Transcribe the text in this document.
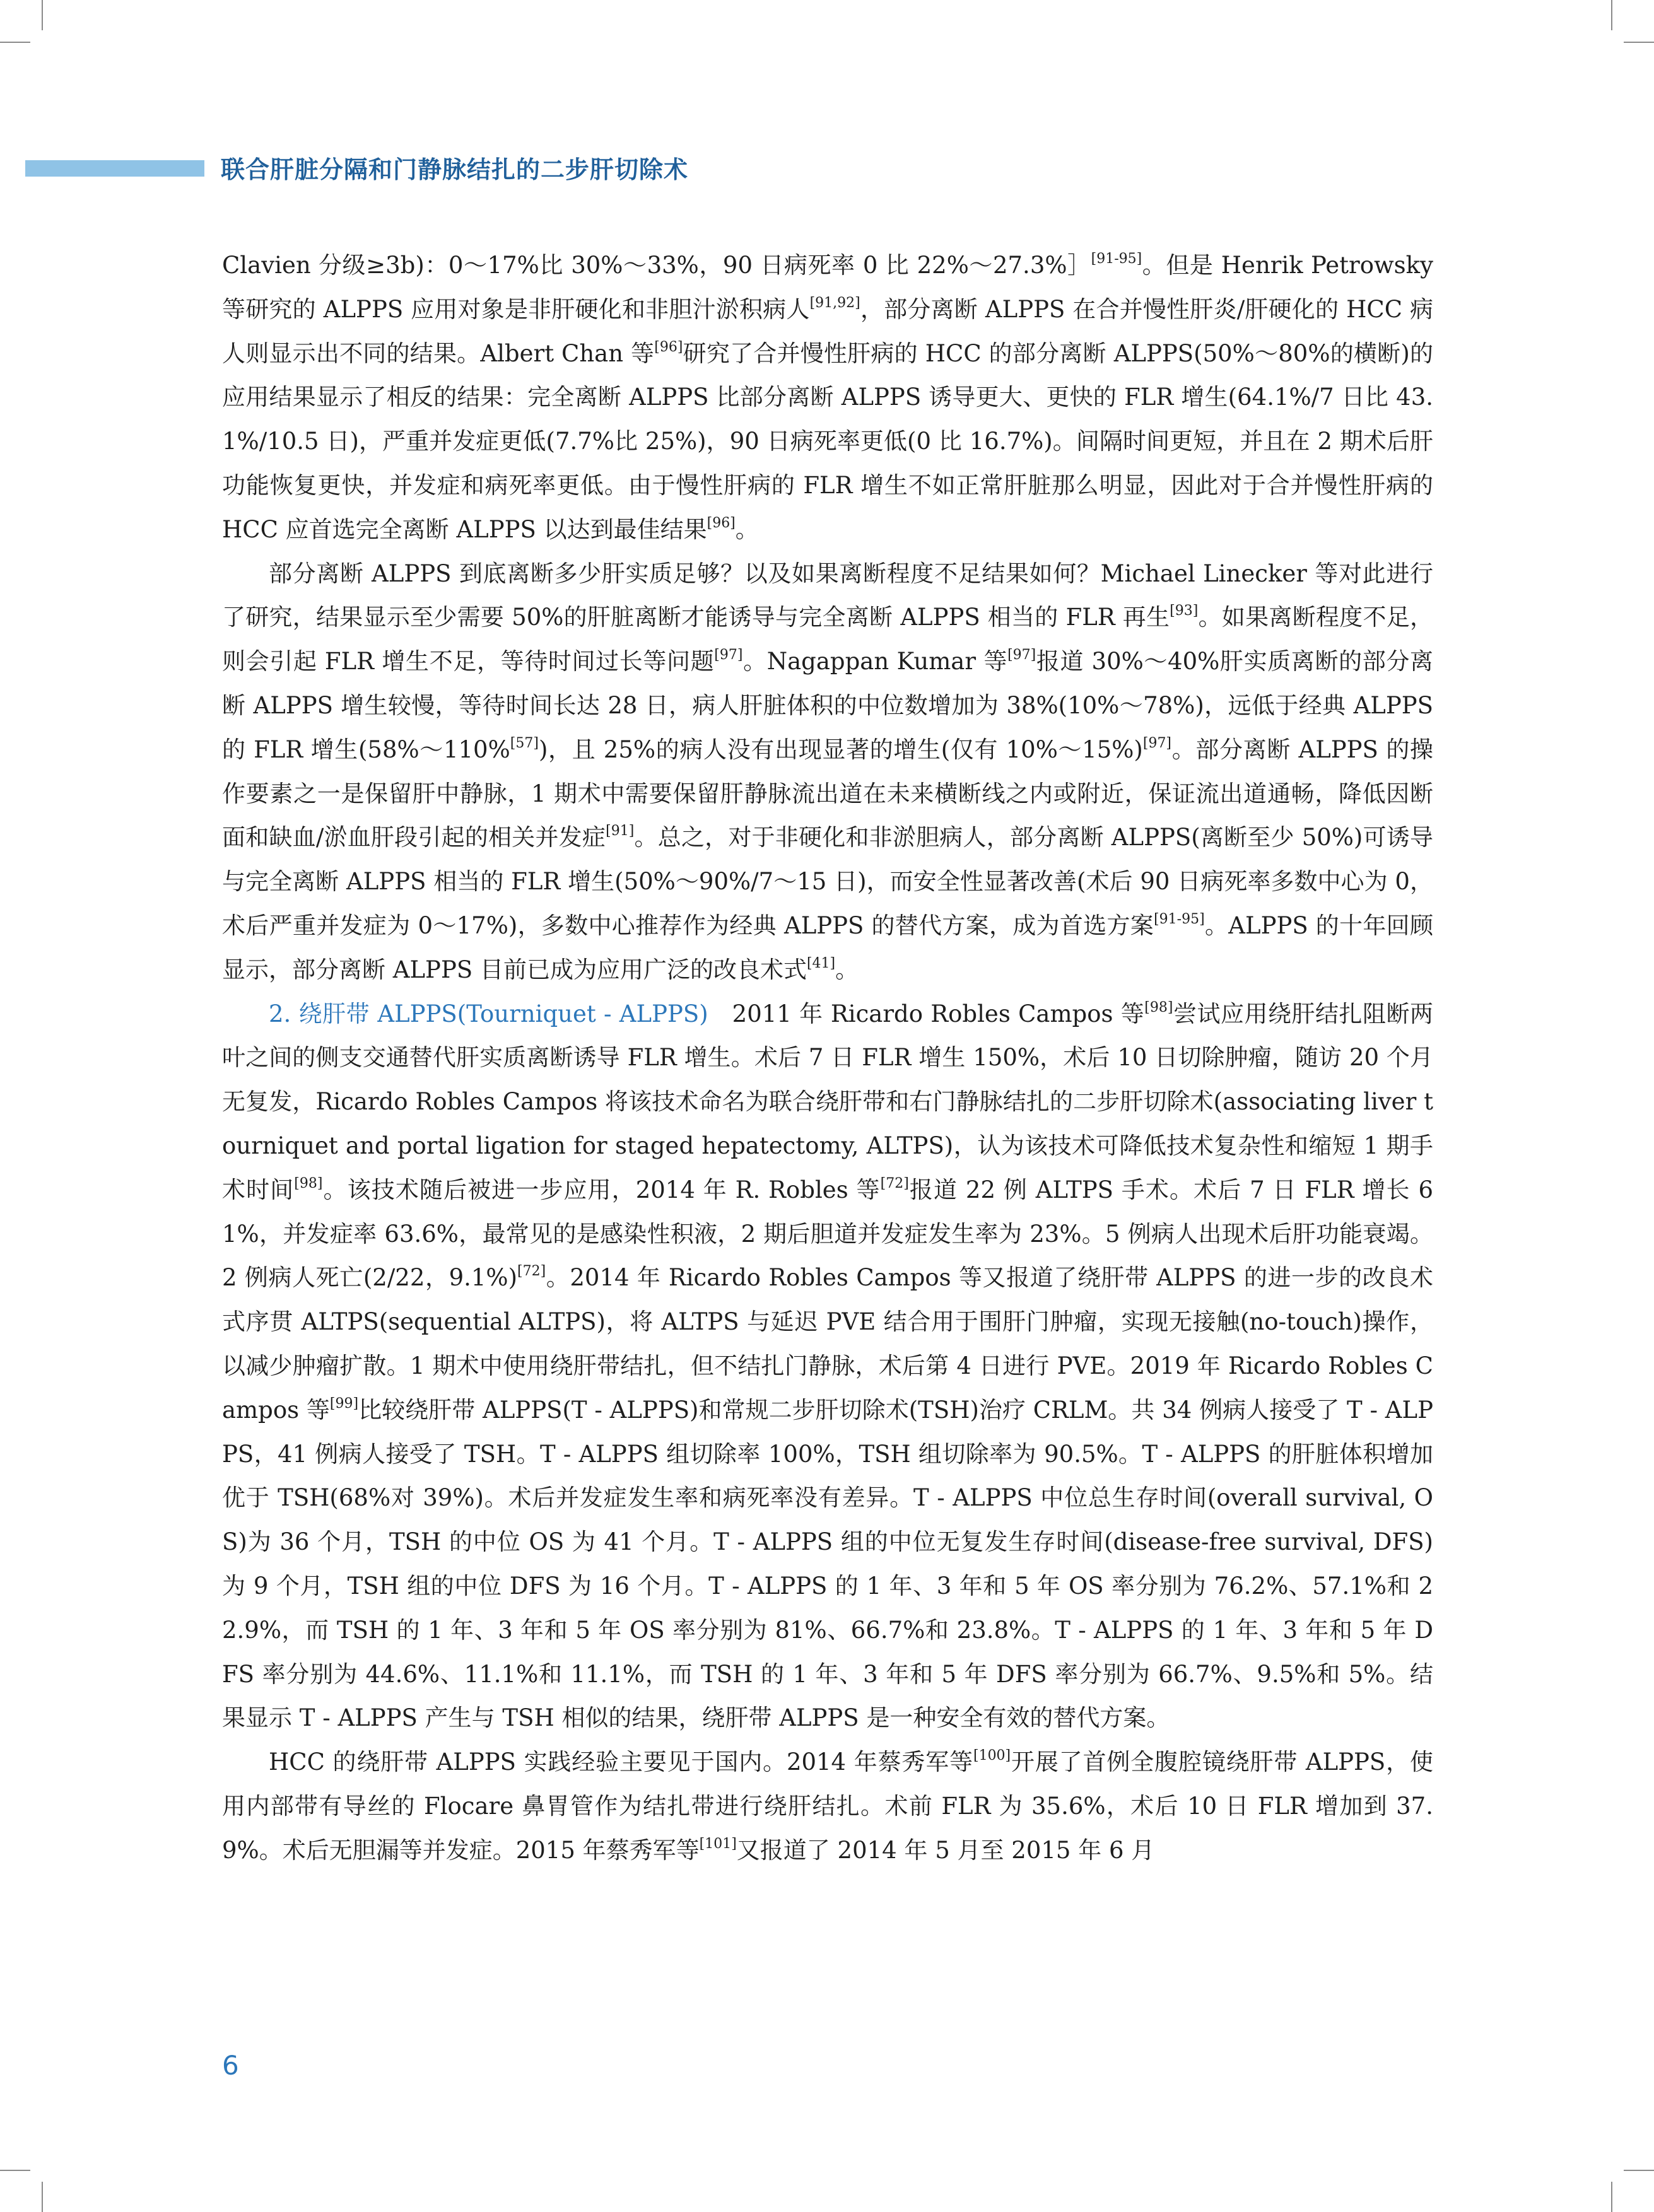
联合肝脏分隔和门静脉结扎的二步肝切除术

Clavien 分级≥3b)：0～17%比 30%～33%，90 日病死率 0 比 22%～27.3%］[91-95]。但是 Henrik Petrowsky 等研究的 ALPPS 应用对象是非肝硬化和非胆汁淤积病人[91,92]，部分离断 ALPPS 在合并慢性肝炎/肝硬化的 HCC 病人则显示出不同的结果。Albert Chan 等[96]研究了合并慢性肝病的 HCC 的部分离断 ALPPS(50%～80%的横断)的应用结果显示了相反的结果：完全离断 ALPPS 比部分离断 ALPPS 诱导更大、更快的 FLR 增生(64.1%/7 日比 43.1%/10.5 日)，严重并发症更低(7.7%比 25%)，90 日病死率更低(0 比 16.7%)。间隔时间更短，并且在 2 期术后肝功能恢复更快，并发症和病死率更低。由于慢性肝病的 FLR 增生不如正常肝脏那么明显，因此对于合并慢性肝病的 HCC 应首选完全离断 ALPPS 以达到最佳结果[96]。

部分离断 ALPPS 到底离断多少肝实质足够？以及如果离断程度不足结果如何？Michael Linecker 等对此进行了研究，结果显示至少需要 50%的肝脏离断才能诱导与完全离断 ALPPS 相当的 FLR 再生[93]。如果离断程度不足，则会引起 FLR 增生不足，等待时间过长等问题[97]。Nagappan Kumar 等[97]报道 30%～40%肝实质离断的部分离断 ALPPS 增生较慢，等待时间长达 28 日，病人肝脏体积的中位数增加为 38%(10%～78%)，远低于经典 ALPPS 的 FLR 增生(58%～110%[57])，且 25%的病人没有出现显著的增生(仅有 10%～15%)[97]。部分离断 ALPPS 的操作要素之一是保留肝中静脉，1 期术中需要保留肝静脉流出道在未来横断线之内或附近，保证流出道通畅，降低因断面和缺血/淤血肝段引起的相关并发症[91]。总之，对于非硬化和非淤胆病人，部分离断 ALPPS(离断至少 50%)可诱导与完全离断 ALPPS 相当的 FLR 增生(50%～90%/7～15 日)，而安全性显著改善(术后 90 日病死率多数中心为 0，术后严重并发症为 0～17%)，多数中心推荐作为经典 ALPPS 的替代方案，成为首选方案[91-95]。ALPPS 的十年回顾显示，部分离断 ALPPS 目前已成为应用广泛的改良术式[41]。

2. 绕肝带 ALPPS(Tourniquet - ALPPS)　2011 年 Ricardo Robles Campos 等[98]尝试应用绕肝结扎阻断两叶之间的侧支交通替代肝实质离断诱导 FLR 增生。术后 7 日 FLR 增生 150%，术后 10 日切除肿瘤，随访 20 个月无复发，Ricardo Robles Campos 将该技术命名为联合绕肝带和右门静脉结扎的二步肝切除术(associating liver tourniquet and portal ligation for staged hepatectomy, ALTPS)，认为该技术可降低技术复杂性和缩短 1 期手术时间[98]。该技术随后被进一步应用，2014 年 R. Robles 等[72]报道 22 例 ALTPS 手术。术后 7 日 FLR 增长 61%，并发症率 63.6%，最常见的是感染性积液，2 期后胆道并发症发生率为 23%。5 例病人出现术后肝功能衰竭。2 例病人死亡(2/22，9.1%)[72]。2014 年 Ricardo Robles Campos 等又报道了绕肝带 ALPPS 的进一步的改良术式序贯 ALTPS(sequential ALTPS)，将 ALTPS 与延迟 PVE 结合用于围肝门肿瘤，实现无接触(no-touch)操作，以减少肿瘤扩散。1 期术中使用绕肝带结扎，但不结扎门静脉，术后第 4 日进行 PVE。2019 年 Ricardo Robles Campos 等[99]比较绕肝带 ALPPS(T - ALPPS)和常规二步肝切除术(TSH)治疗 CRLM。共 34 例病人接受了 T - ALPPS，41 例病人接受了 TSH。T - ALPPS 组切除率 100%，TSH 组切除率为 90.5%。T - ALPPS 的肝脏体积增加优于 TSH(68%对 39%)。术后并发症发生率和病死率没有差异。T - ALPPS 中位总生存时间(overall survival, OS)为 36 个月，TSH 的中位 OS 为 41 个月。T - ALPPS 组的中位无复发生存时间(disease-free survival, DFS)为 9 个月，TSH 组的中位 DFS 为 16 个月。T - ALPPS 的 1 年、3 年和 5 年 OS 率分别为 76.2%、57.1%和 22.9%，而 TSH 的 1 年、3 年和 5 年 OS 率分别为 81%、66.7%和 23.8%。T - ALPPS 的 1 年、3 年和 5 年 DFS 率分别为 44.6%、11.1%和 11.1%，而 TSH 的 1 年、3 年和 5 年 DFS 率分别为 66.7%、9.5%和 5%。结果显示 T - ALPPS 产生与 TSH 相似的结果，绕肝带 ALPPS 是一种安全有效的替代方案。

HCC 的绕肝带 ALPPS 实践经验主要见于国内。2014 年蔡秀军等[100]开展了首例全腹腔镜绕肝带 ALPPS，使用内部带有导丝的 Flocare 鼻胃管作为结扎带进行绕肝结扎。术前 FLR 为 35.6%，术后 10 日 FLR 增加到 37.9%。术后无胆漏等并发症。2015 年蔡秀军等[101]又报道了 2014 年 5 月至 2015 年 6 月

6
